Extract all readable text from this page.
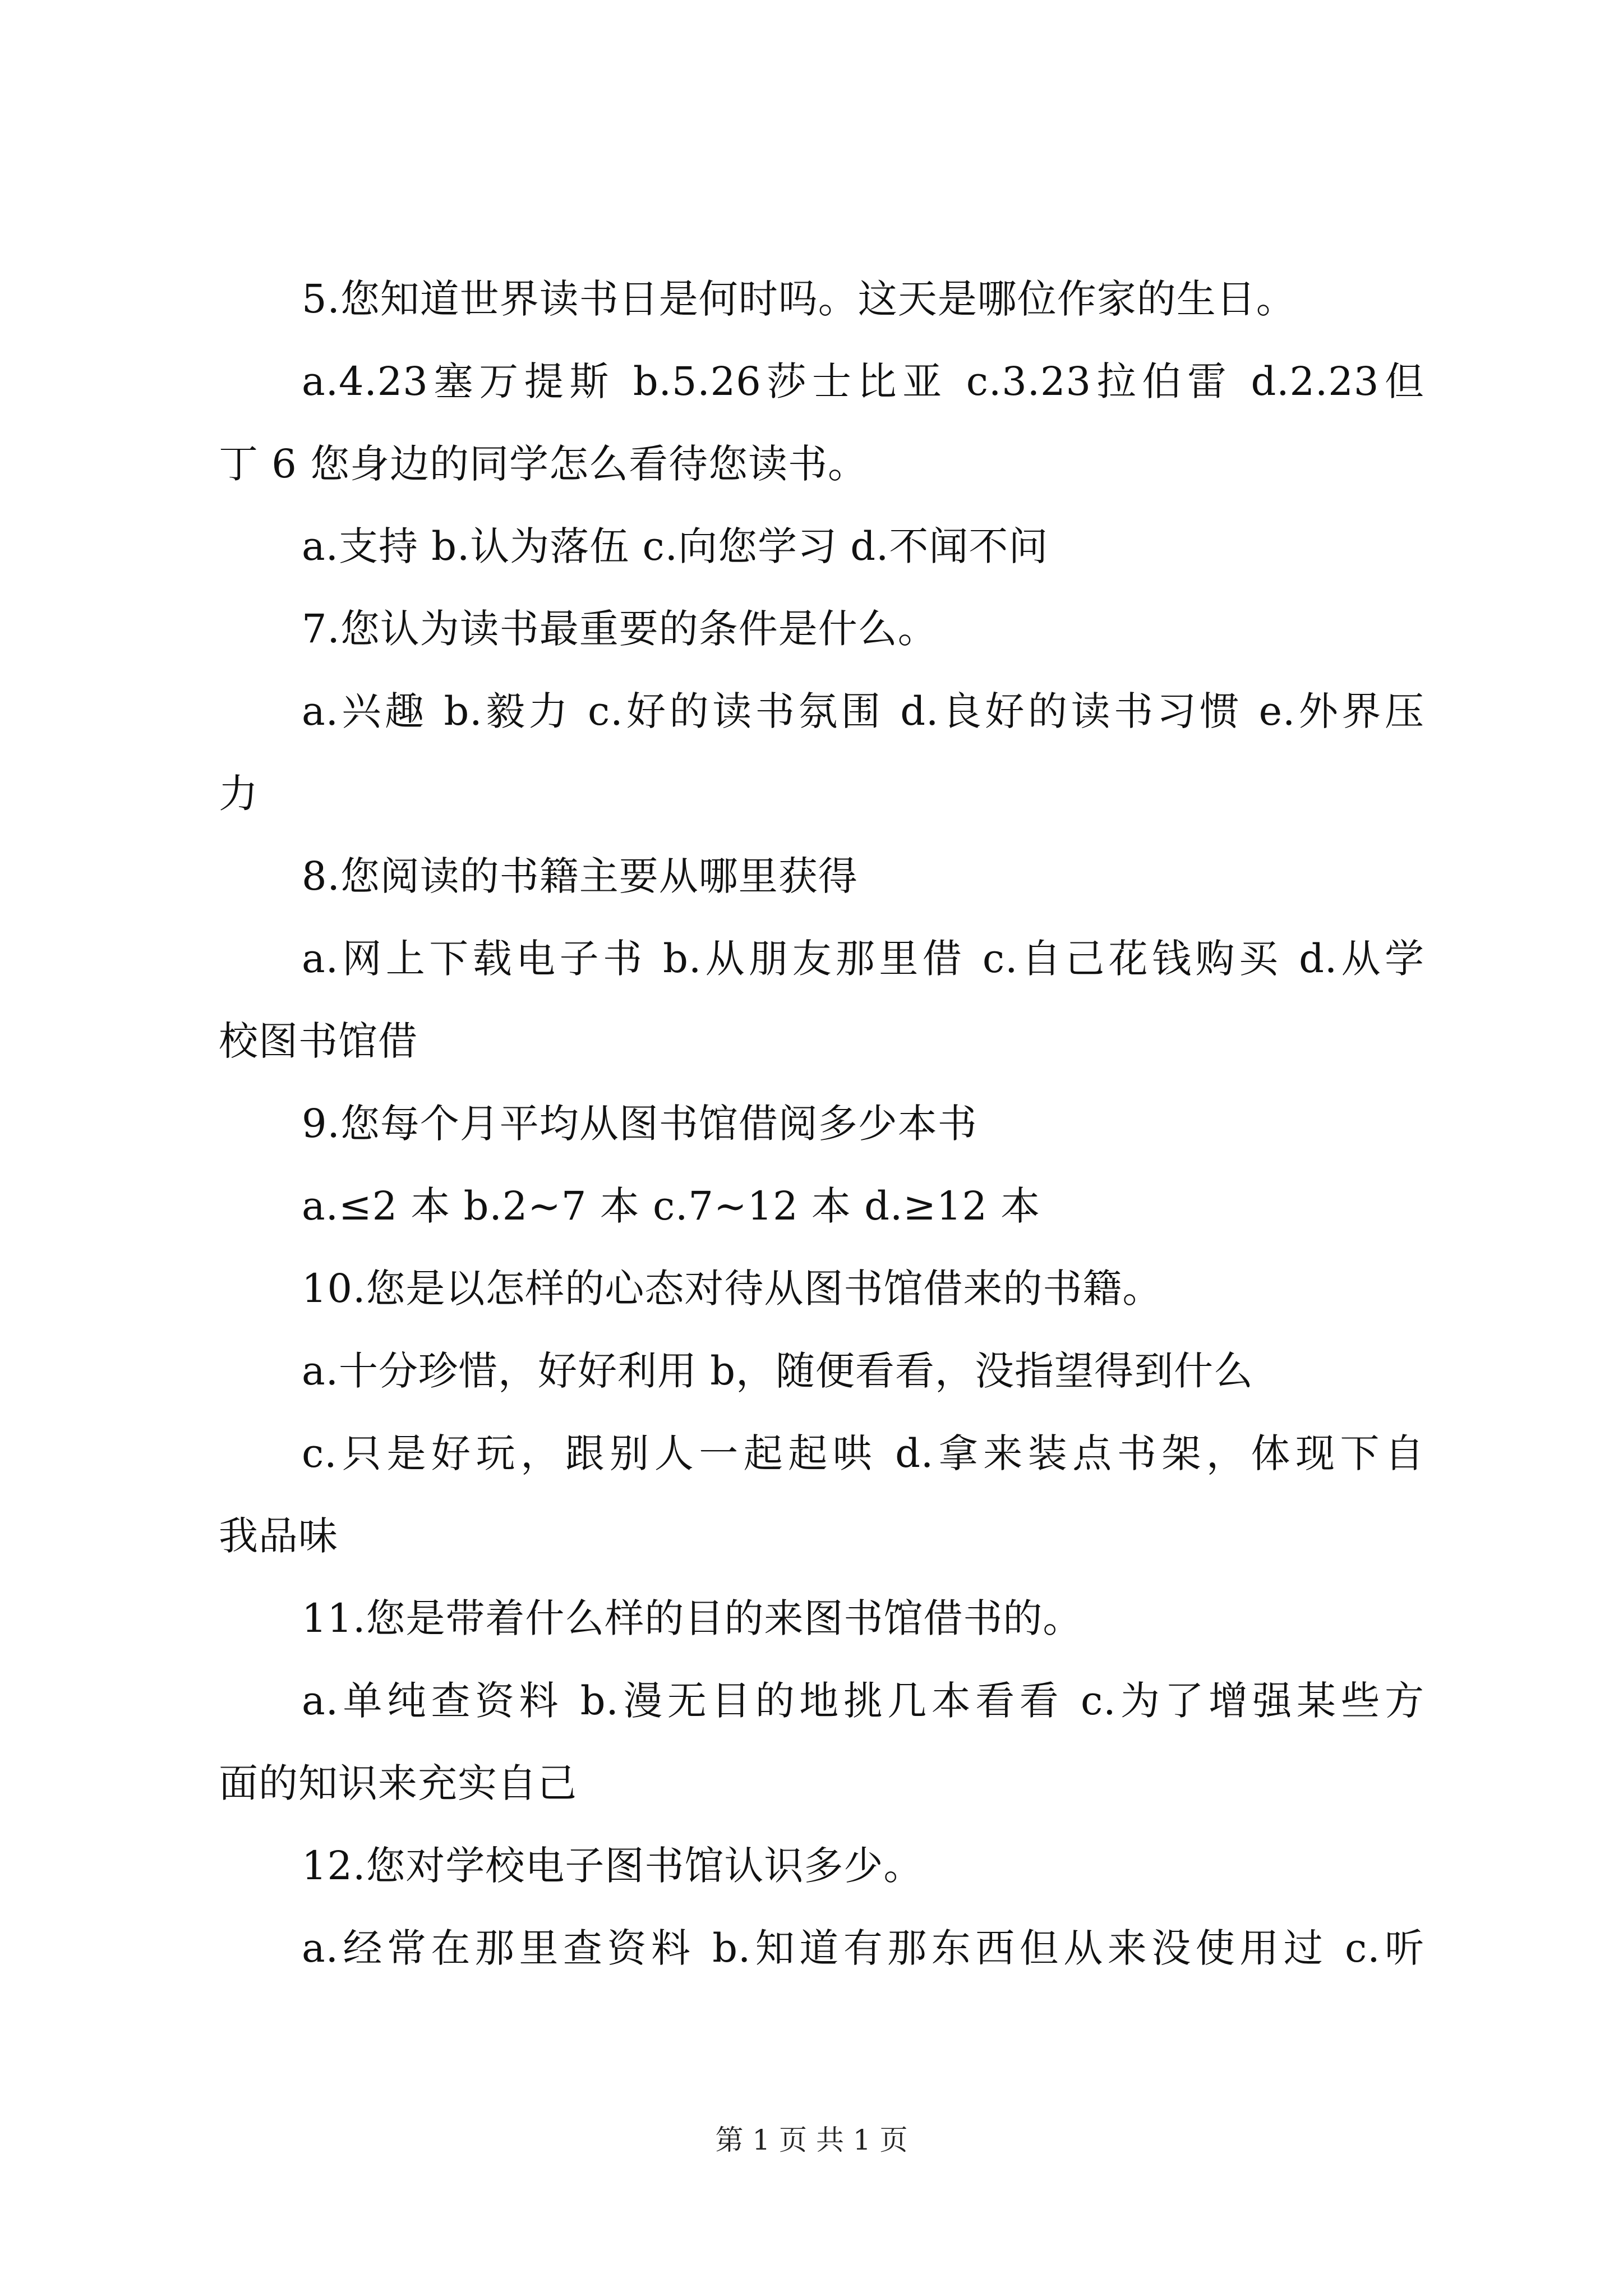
5.您知道世界读书日是何时吗。这天是哪位作家的生日。
a.4.23塞万提斯 b.5.26莎士比亚 c.3.23拉伯雷 d.2.23但
丁 6 您身边的同学怎么看待您读书。
a.支持 b.认为落伍 c.向您学习 d.不闻不问
7.您认为读书最重要的条件是什么。
a.兴趣 b.毅力 c.好的读书氛围 d.良好的读书习惯 e.外界压
力
8.您阅读的书籍主要从哪里获得
a.网上下载电子书 b.从朋友那里借 c.自己花钱购买 d.从学
校图书馆借
9.您每个月平均从图书馆借阅多少本书
a.≤2 本 b.2~7 本 c.7~12 本 d.≥12 本
10.您是以怎样的心态对待从图书馆借来的书籍。
a.十分珍惜，好好利用 b，随便看看，没指望得到什么
c.只是好玩，跟别人一起起哄 d.拿来装点书架，体现下自
我品味
11.您是带着什么样的目的来图书馆借书的。
a.单纯查资料 b.漫无目的地挑几本看看 c.为了增强某些方
面的知识来充实自己
12.您对学校电子图书馆认识多少。
a.经常在那里查资料 b.知道有那东西但从来没使用过 c.听
第 1 页 共 1 页
